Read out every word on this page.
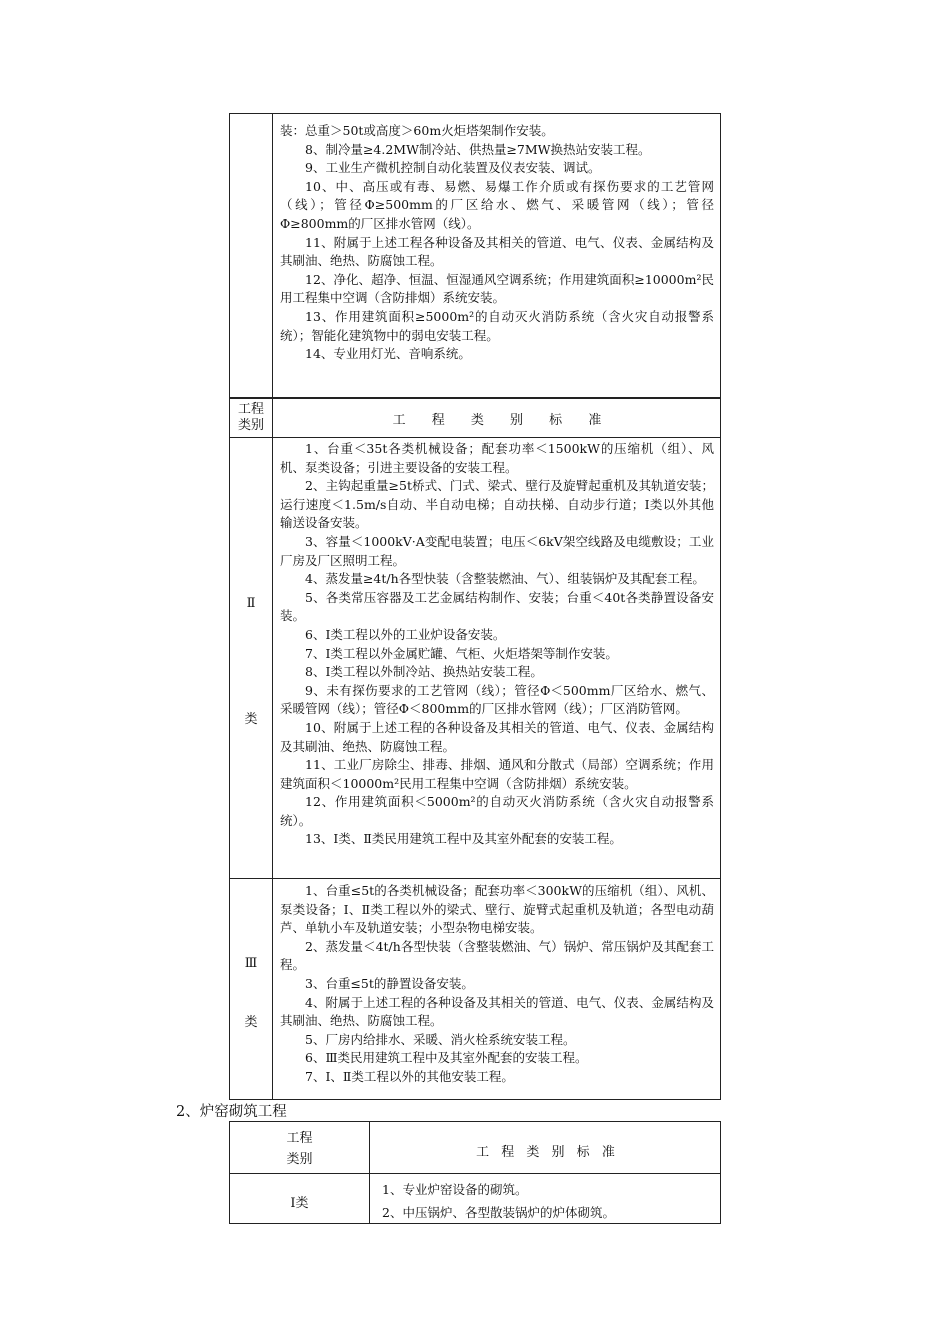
装：总重＞50t或高度＞60m火炬塔架制作安装。
8、制冷量≥4.2MW制冷站、供热量≥7MW换热站安装工程。
9、工业生产微机控制自动化装置及仪表安装、调试。
10、中、高压或有毒、易燃、易爆工作介质或有探伤要求的工艺管网（线）；管径Φ≥500mm的厂区给水、燃气、采暖管网（线）；管径Φ≥800mm的厂区排水管网（线）。
11、附属于上述工程各种设备及其相关的管道、电气、仪表、金属结构及其刷油、绝热、防腐蚀工程。
12、净化、超净、恒温、恒湿通风空调系统；作用建筑面积≥10000m²民用工程集中空调（含防排烟）系统安装。
13、作用建筑面积≥5000m²的自动灭火消防系统（含火灾自动报警系统）；智能化建筑物中的弱电安装工程。
14、专业用灯光、音响系统。
工程
类别	工 程 类 别 标 准
Ⅱ
类
1、台重＜35t各类机械设备；配套功率＜1500kW的压缩机（组）、风机、泵类设备；引进主要设备的安装工程。
2、主钩起重量≥5t桥式、门式、梁式、壁行及旋臂起重机及其轨道安装；运行速度＜1.5m/s自动、半自动电梯；自动扶梯、自动步行道；Ⅰ类以外其他输送设备安装。
3、容量＜1000kV·A变配电装置；电压＜6kV架空线路及电缆敷设；工业厂房及厂区照明工程。
4、蒸发量≥4t/h各型快装（含整装燃油、气）、组装锅炉及其配套工程。
5、各类常压容器及工艺金属结构制作、安装；台重＜40t各类静置设备安装。
6、Ⅰ类工程以外的工业炉设备安装。
7、Ⅰ类工程以外金属贮罐、气柜、火炬塔架等制作安装。
8、Ⅰ类工程以外制冷站、换热站安装工程。
9、未有探伤要求的工艺管网（线）；管径Φ＜500mm厂区给水、燃气、采暖管网（线）；管径Φ＜800mm的厂区排水管网（线）；厂区消防管网。
10、附属于上述工程的各种设备及其相关的管道、电气、仪表、金属结构及其刷油、绝热、防腐蚀工程。
11、工业厂房除尘、排毒、排烟、通风和分散式（局部）空调系统；作用建筑面积＜10000m²民用工程集中空调（含防排烟）系统安装。
12、作用建筑面积＜5000m²的自动灭火消防系统（含火灾自动报警系统）。
13、Ⅰ类、Ⅱ类民用建筑工程中及其室外配套的安装工程。
Ⅲ
类
1、台重≤5t的各类机械设备；配套功率＜300kW的压缩机（组）、风机、泵类设备；Ⅰ、Ⅱ类工程以外的梁式、壁行、旋臂式起重机及轨道；各型电动葫芦、单轨小车及轨道安装；小型杂物电梯安装。
2、蒸发量＜4t/h各型快装（含整装燃油、气）锅炉、常压锅炉及其配套工程。
3、台重≤5t的静置设备安装。
4、附属于上述工程的各种设备及其相关的管道、电气、仪表、金属结构及其刷油、绝热、防腐蚀工程。
5、厂房内给排水、采暖、消火栓系统安装工程。
6、Ⅲ类民用建筑工程中及其室外配套的安装工程。
7、Ⅰ、Ⅱ类工程以外的其他安装工程。
2、炉窑砌筑工程
工程
类别	工 程 类 别 标 准
Ⅰ类
1、专业炉窑设备的砌筑。
2、中压锅炉、各型散装锅炉的炉体砌筑。
